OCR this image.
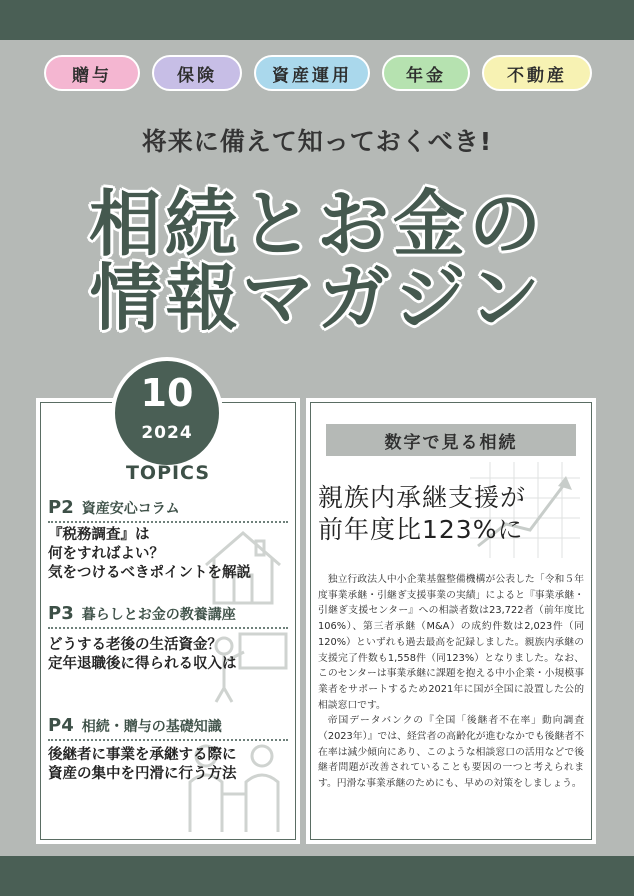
贈与	保険	資産運用	年金	不動産
将来に備えて知っておくべき!
相続とお金の
情報マガジン
10
2024
TOPICS
P2 資産安心コラム
『税務調査』は
何をすればよい？
気をつけるべきポイントを解説
P3 暮らしとお金の教養講座
どうする老後の生活資金？
定年退職後に得られる収入は
P4 相続・贈与の基礎知識
後継者に事業を承継する際に
資産の集中を円滑に行う方法
数字で見る相続
親族内承継支援が
前年度比123%に

独立行政法人中小企業基盤整備機構が公表した「令和５年度事業承継・引継ぎ支援事業の実績」によると『事業承継・引継ぎ支援センター』への相談者数は23,722者（前年度比106%）、第三者承継（M&A）の成約件数は2,023件（同120%）といずれも過去最高を記録しました。親族内承継の支援完了件数も1,558件（同123%）となりました。なお、このセンターは事業承継に課題を抱える中小企業・小規模事業者をサポートするため2021年に国が全国に設置した公的相談窓口です。

帝国データバンクの『全国「後継者不在率」動向調査（2023年）』では、経営者の高齢化が進むなかでも後継者不在率は減少傾向にあり、このような相談窓口の活用などで後継者問題が改善されていることも要因の一つと考えられます。円滑な事業承継のためにも、早めの対策をしましょう。
